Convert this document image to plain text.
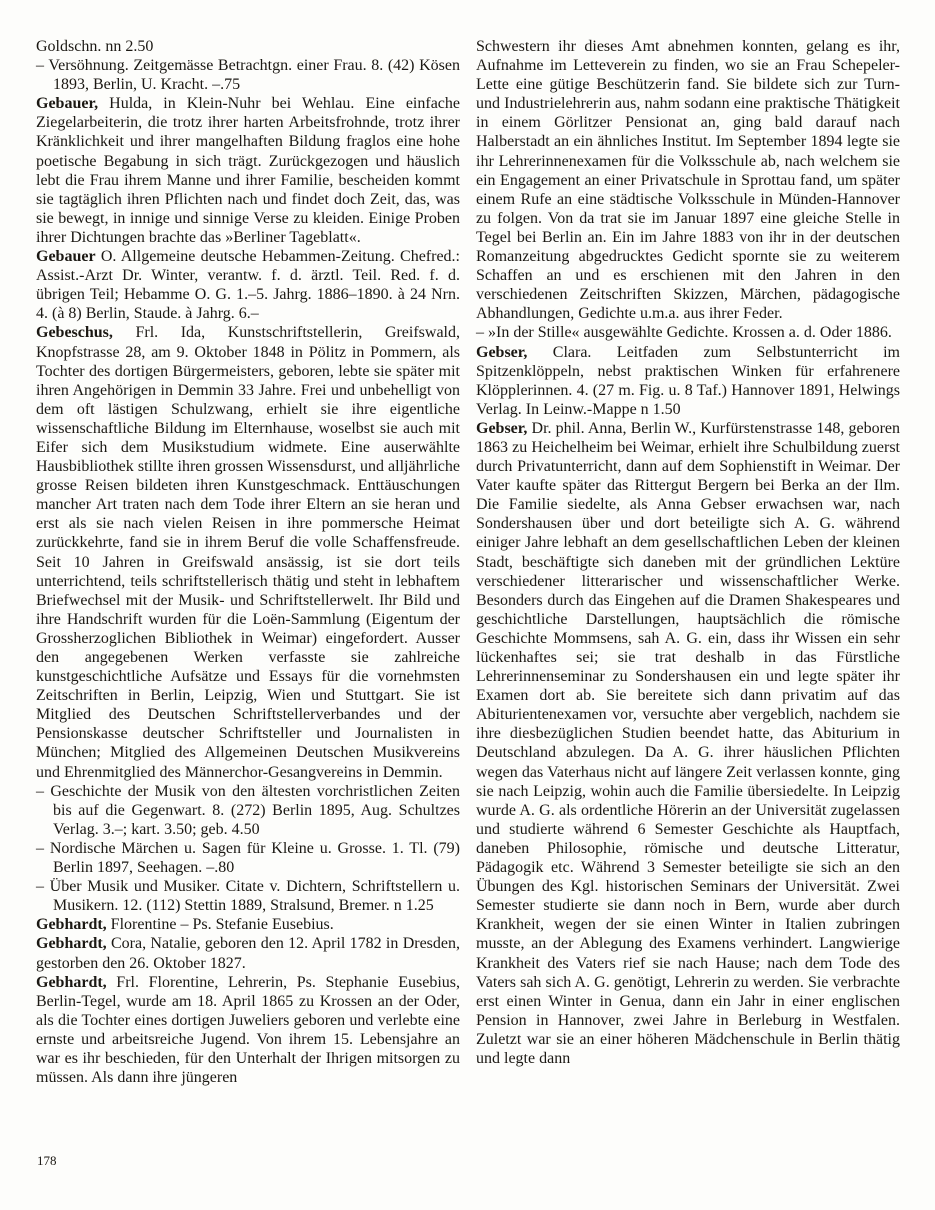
Goldschn. nn 2.50

– Versöhnung. Zeitgemässe Betrachtgn. einer Frau. 8. (42) Kösen 1893, Berlin, U. Kracht. –.75

Gebauer, Hulda, in Klein-Nuhr bei Wehlau. Eine einfache Ziegelarbeiterin, die trotz ihrer harten Arbeitsfrohnde, trotz ihrer Kränklichkeit und ihrer mangelhaften Bildung fraglos eine hohe poetische Begabung in sich trägt. Zurückgezogen und häuslich lebt die Frau ihrem Manne und ihrer Familie, bescheiden kommt sie tagtäglich ihren Pflichten nach und findet doch Zeit, das, was sie bewegt, in innige und sinnige Verse zu kleiden. Einige Proben ihrer Dichtungen brachte das »Berliner Tageblatt«.

Gebauer O. Allgemeine deutsche Hebammen-Zeitung. Chefred.: Assist.-Arzt Dr. Winter, verantw. f. d. ärztl. Teil. Red. f. d. übrigen Teil; Hebamme O. G. 1.–5. Jahrg. 1886–1890. à 24 Nrn. 4. (à 8) Berlin, Staude. à Jahrg. 6.–

Gebeschus, Frl. Ida, Kunstschriftstellerin, Greifswald, Knopfstrasse 28, am 9. Oktober 1848 in Pölitz in Pommern, als Tochter des dortigen Bürgermeisters, geboren, lebte sie später mit ihren Angehörigen in Demmin 33 Jahre. Frei und unbehelligt von dem oft lästigen Schulzwang, erhielt sie ihre eigentliche wissenschaftliche Bildung im Elternhause, woselbst sie auch mit Eifer sich dem Musikstudium widmete. Eine auserwählte Hausbibliothek stillte ihren grossen Wissensdurst, und alljährliche grosse Reisen bildeten ihren Kunstgeschmack. Enttäuschungen mancher Art traten nach dem Tode ihrer Eltern an sie heran und erst als sie nach vielen Reisen in ihre pommersche Heimat zurückkehrte, fand sie in ihrem Beruf die volle Schaffensfreude. Seit 10 Jahren in Greifswald ansässig, ist sie dort teils unterrichtend, teils schriftstellerisch thätig und steht in lebhaftem Briefwechsel mit der Musik- und Schriftstellerwelt. Ihr Bild und ihre Handschrift wurden für die Loën-Sammlung (Eigentum der Grossherzoglichen Bibliothek in Weimar) eingefordert. Ausser den angegebenen Werken verfasste sie zahlreiche kunstgeschichtliche Aufsätze und Essays für die vornehmsten Zeitschriften in Berlin, Leipzig, Wien und Stuttgart. Sie ist Mitglied des Deutschen Schriftstellerverbandes und der Pensionskasse deutscher Schriftsteller und Journalisten in München; Mitglied des Allgemeinen Deutschen Musikvereins und Ehrenmitglied des Männerchor-Gesangvereins in Demmin.

– Geschichte der Musik von den ältesten vorchristlichen Zeiten bis auf die Gegenwart. 8. (272) Berlin 1895, Aug. Schultzes Verlag. 3.–; kart. 3.50; geb. 4.50

– Nordische Märchen u. Sagen für Kleine u. Grosse. 1. Tl. (79) Berlin 1897, Seehagen. –.80

– Über Musik und Musiker. Citate v. Dichtern, Schriftstellern u. Musikern. 12. (112) Stettin 1889, Stralsund, Bremer. n 1.25

Gebhardt, Florentine – Ps. Stefanie Eusebius.

Gebhardt, Cora, Natalie, geboren den 12. April 1782 in Dresden, gestorben den 26. Oktober 1827.

Gebhardt, Frl. Florentine, Lehrerin, Ps. Stephanie Eusebius, Berlin-Tegel, wurde am 18. April 1865 zu Krossen an der Oder, als die Tochter eines dortigen Juweliers geboren und verlebte eine ernste und arbeitsreiche Jugend. Von ihrem 15. Lebensjahre an war es ihr beschieden, für den Unterhalt der Ihrigen mitsorgen zu müssen. Als dann ihre jüngeren

Schwestern ihr dieses Amt abnehmen konnten, gelang es ihr, Aufnahme im Letteverein zu finden, wo sie an Frau Schepeler-Lette eine gütige Beschützerin fand. Sie bildete sich zur Turn- und Industrielehrerin aus, nahm sodann eine praktische Thätigkeit in einem Görlitzer Pensionat an, ging bald darauf nach Halberstadt an ein ähnliches Institut. Im September 1894 legte sie ihr Lehrerinnenexamen für die Volksschule ab, nach welchem sie ein Engagement an einer Privatschule in Sprottau fand, um später einem Rufe an eine städtische Volksschule in Münden-Hannover zu folgen. Von da trat sie im Januar 1897 eine gleiche Stelle in Tegel bei Berlin an. Ein im Jahre 1883 von ihr in der deutschen Romanzeitung abgedrucktes Gedicht spornte sie zu weiterem Schaffen an und es erschienen mit den Jahren in den verschiedenen Zeitschriften Skizzen, Märchen, pädagogische Abhandlungen, Gedichte u.m.a. aus ihrer Feder.

– »In der Stille« ausgewählte Gedichte. Krossen a. d. Oder 1886.

Gebser, Clara. Leitfaden zum Selbstunterricht im Spitzenklöppeln, nebst praktischen Winken für erfahrenere Klöpplerinnen. 4. (27 m. Fig. u. 8 Taf.) Hannover 1891, Helwings Verlag. In Leinw.-Mappe n 1.50

Gebser, Dr. phil. Anna, Berlin W., Kurfürstenstrasse 148, geboren 1863 zu Heichelheim bei Weimar, erhielt ihre Schulbildung zuerst durch Privatunterricht, dann auf dem Sophienstift in Weimar. Der Vater kaufte später das Rittergut Bergern bei Berka an der Ilm. Die Familie siedelte, als Anna Gebser erwachsen war, nach Sondershausen über und dort beteiligte sich A. G. während einiger Jahre lebhaft an dem gesellschaftlichen Leben der kleinen Stadt, beschäftigte sich daneben mit der gründlichen Lektüre verschiedener litterarischer und wissenschaftlicher Werke. Besonders durch das Eingehen auf die Dramen Shakespeares und geschichtliche Darstellungen, hauptsächlich die römische Geschichte Mommsens, sah A. G. ein, dass ihr Wissen ein sehr lückenhaftes sei; sie trat deshalb in das Fürstliche Lehrerinnenseminar zu Sondershausen ein und legte später ihr Examen dort ab. Sie bereitete sich dann privatim auf das Abiturientenexamen vor, versuchte aber vergeblich, nachdem sie ihre diesbezüglichen Studien beendet hatte, das Abiturium in Deutschland abzulegen. Da A. G. ihrer häuslichen Pflichten wegen das Vaterhaus nicht auf längere Zeit verlassen konnte, ging sie nach Leipzig, wohin auch die Familie übersiedelte. In Leipzig wurde A. G. als ordentliche Hörerin an der Universität zugelassen und studierte während 6 Semester Geschichte als Hauptfach, daneben Philosophie, römische und deutsche Litteratur, Pädagogik etc. Während 3 Semester beteiligte sie sich an den Übungen des Kgl. historischen Seminars der Universität. Zwei Semester studierte sie dann noch in Bern, wurde aber durch Krankheit, wegen der sie einen Winter in Italien zubringen musste, an der Ablegung des Examens verhindert. Langwierige Krankheit des Vaters rief sie nach Hause; nach dem Tode des Vaters sah sich A. G. genötigt, Lehrerin zu werden. Sie verbrachte erst einen Winter in Genua, dann ein Jahr in einer englischen Pension in Hannover, zwei Jahre in Berleburg in Westfalen. Zuletzt war sie an einer höheren Mädchenschule in Berlin thätig und legte dann

178
